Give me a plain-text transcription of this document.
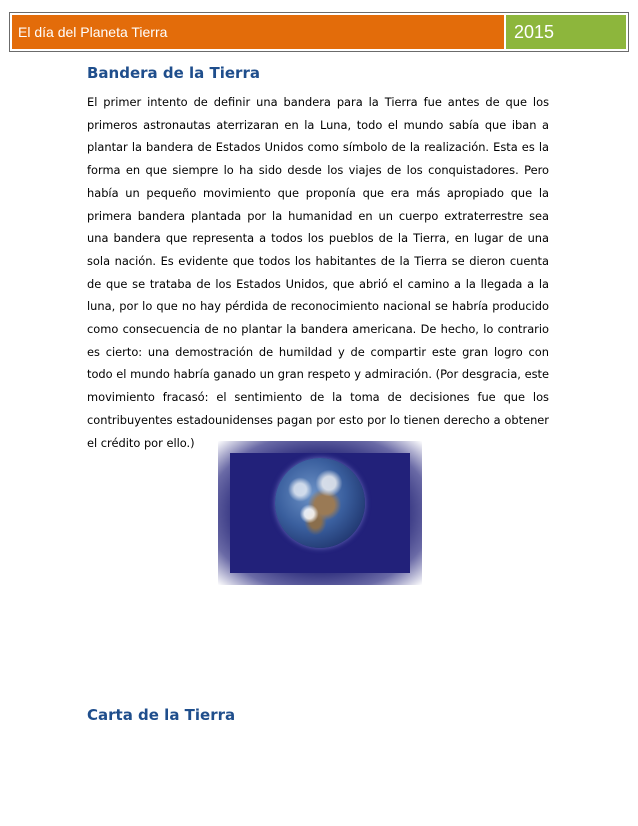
El día del Planeta Tierra	2015
Bandera de la Tierra

El primer intento de definir una bandera para la Tierra fue antes de que los primeros astronautas aterrizaran en la Luna, todo el mundo sabía que iban a plantar la bandera de Estados Unidos como símbolo de la realización. Esta es la forma en que siempre lo ha sido desde los viajes de los conquistadores. Pero había un pequeño movimiento que proponía que era más apropiado que la primera bandera plantada por la humanidad en un cuerpo extraterrestre sea una bandera que representa a todos los pueblos de la Tierra, en lugar de una sola nación. Es evidente que todos los habitantes de la Tierra se dieron cuenta de que se trataba de los Estados Unidos, que abrió el camino a la llegada a la luna, por lo que no hay pérdida de reconocimiento nacional se habría producido como consecuencia de no plantar la bandera americana. De hecho, lo contrario es cierto: una demostración de humildad y de compartir este gran logro con todo el mundo habría ganado un gran respeto y admiración. (Por desgracia, este movimiento fracasó: el sentimiento de la toma de decisiones fue que los contribuyentes estadounidenses pagan por esto por lo tienen derecho a obtener el crédito por ello.)

Carta de la Tierra
